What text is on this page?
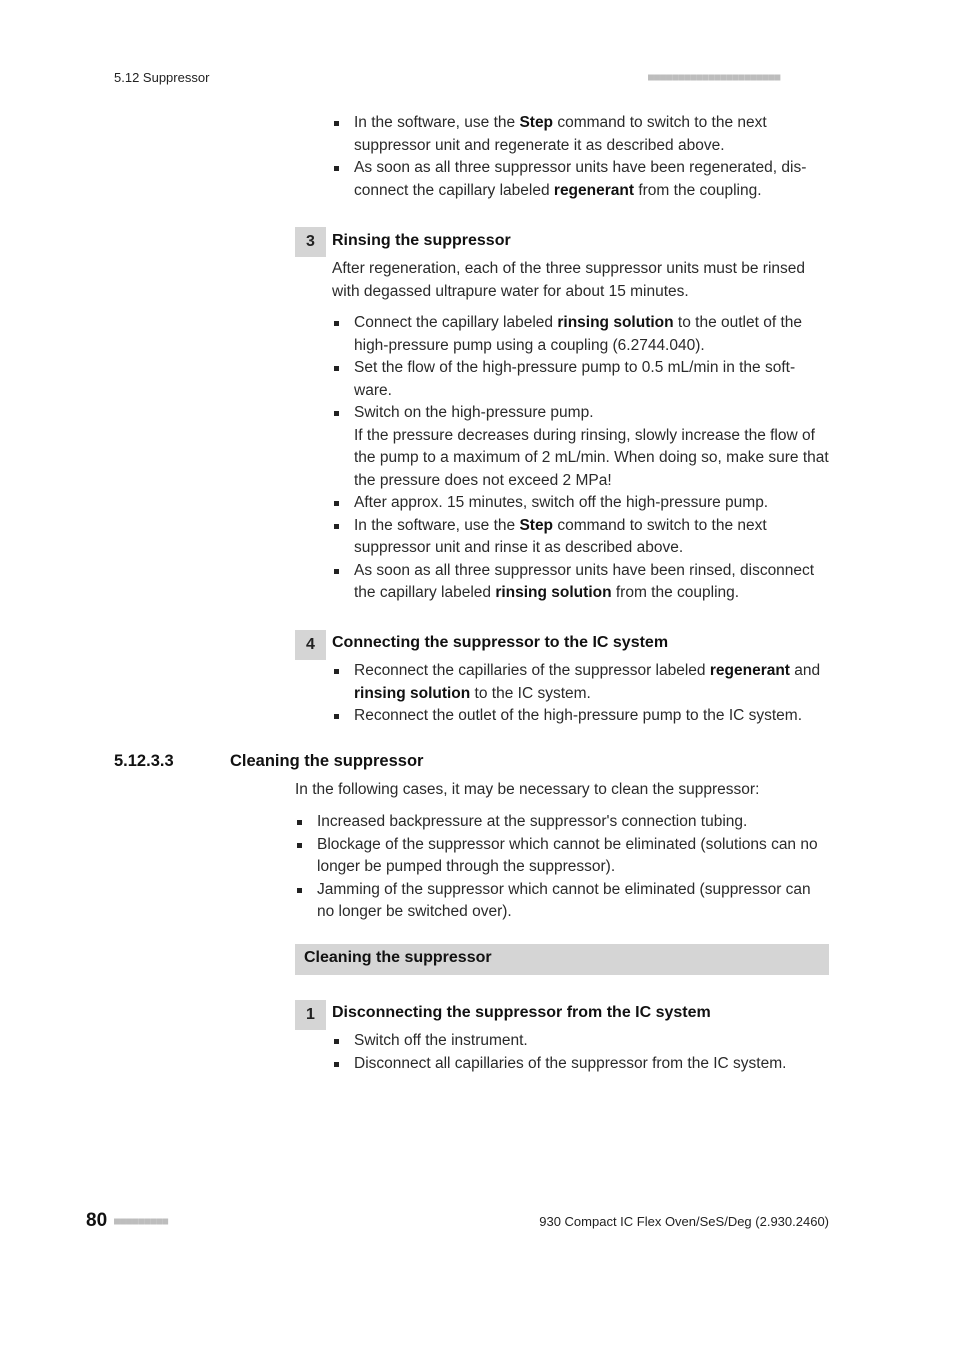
5.12 Suppressor	■■■■■■■■■■■■■■■■■■■■■■
In the software, use the Step command to switch to the next suppressor unit and regenerate it as described above.
As soon as all three suppressor units have been regenerated, dis- connect the capillary labeled regenerant from the coupling.
3	Rinsing the suppressor
After regeneration, each of the three suppressor units must be rinsed with degassed ultrapure water for about 15 minutes.
Connect the capillary labeled rinsing solution to the outlet of the high-pressure pump using a coupling (6.2744.040).
Set the flow of the high-pressure pump to 0.5 mL/min in the soft- ware.
Switch on the high-pressure pump.
If the pressure decreases during rinsing, slowly increase the flow of the pump to a maximum of 2 mL/min. When doing so, make sure that the pressure does not exceed 2 MPa!
After approx. 15 minutes, switch off the high-pressure pump.
In the software, use the Step command to switch to the next suppressor unit and rinse it as described above.
As soon as all three suppressor units have been rinsed, disconnect the capillary labeled rinsing solution from the coupling.
4	Connecting the suppressor to the IC system
Reconnect the capillaries of the suppressor labeled regenerant and rinsing solution to the IC system.
Reconnect the outlet of the high-pressure pump to the IC system.
5.12.3.3	Cleaning the suppressor
In the following cases, it may be necessary to clean the suppressor:
Increased backpressure at the suppressor's connection tubing.
Blockage of the suppressor which cannot be eliminated (solutions can no longer be pumped through the suppressor).
Jamming of the suppressor which cannot be eliminated (suppressor can no longer be switched over).
Cleaning the suppressor
1	Disconnecting the suppressor from the IC system
Switch off the instrument.
Disconnect all capillaries of the suppressor from the IC system.
80 ■■■■■■■■■	930 Compact IC Flex Oven/SeS/Deg (2.930.2460)
